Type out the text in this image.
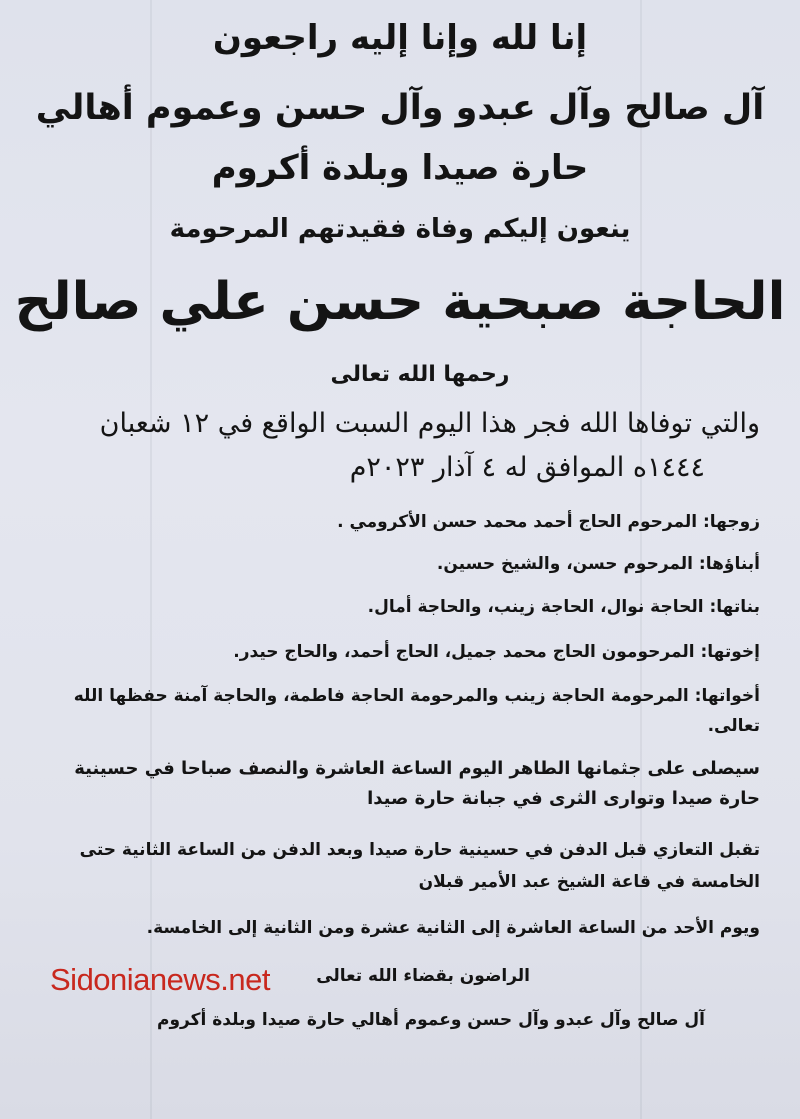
إنا لله وإنا إليه راجعون
آل صالح وآل عبدو وآل حسن وعموم أهالي
حارة صيدا وبلدة أكروم
ينعون إليكم وفاة فقيدتهم المرحومة
الحاجة صبحية حسن علي صالح
رحمها الله تعالى
والتي توفاها الله فجر هذا اليوم السبت الواقع في ١٢ شعبان
١٤٤٤ه الموافق له ٤ آذار ٢٠٢٣م
زوجها: المرحوم الحاج أحمد محمد حسن الأكرومي .
أبناؤها: المرحوم حسن، والشيخ حسين.
بناتها: الحاجة نوال، الحاجة زينب، والحاجة أمال.
إخوتها: المرحومون الحاج محمد جميل، الحاج أحمد، والحاج حيدر.
أخواتها: المرحومة الحاجة زينب والمرحومة الحاجة فاطمة، والحاجة آمنة حفظها الله
تعالى.
سيصلى على جثمانها الطاهر اليوم الساعة العاشرة والنصف صباحا في حسينية
حارة صيدا وتوارى الثرى في جبانة حارة صيدا
تقبل التعازي قبل الدفن في حسينية حارة صيدا وبعد الدفن من الساعة الثانية حتى
الخامسة في قاعة الشيخ عبد الأمير قبلان
ويوم الأحد من الساعة العاشرة إلى الثانية عشرة ومن الثانية إلى الخامسة.
الراضون بقضاء الله تعالى
آل صالح وآل عبدو وآل حسن وعموم أهالي حارة صيدا وبلدة أكروم
Sidonianews.net
